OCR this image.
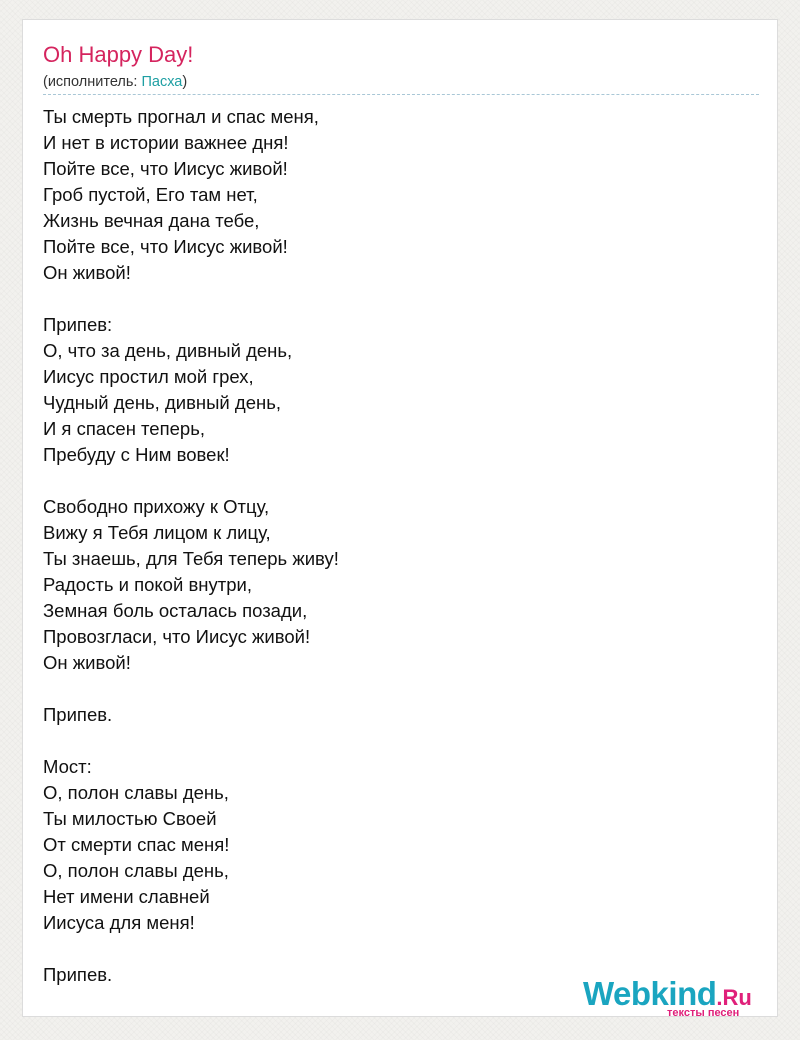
Oh Happy Day!
(исполнитель: Пасха)
Ты смерть прогнал и спас меня,
И нет в истории важнее дня!
Пойте все, что Иисус живой!
Гроб пустой, Его там нет,
Жизнь вечная дана тебе,
Пойте все, что Иисус живой!
Он живой!
Припев:
О, что за день, дивный день,
Иисус простил мой грех,
Чудный день, дивный день,
И я спасен теперь,
Пребуду с Ним вовек!
Свободно прихожу к Отцу,
Вижу я Тебя лицом к лицу,
Ты знаешь, для Тебя теперь живу!
Радость и покой внутри,
Земная боль осталась позади,
Провозгласи, что Иисус живой!
Он живой!
Припев.
Мост:
О, полон славы день,
Ты милостью Своей
От смерти спас меня!
О, полон славы день,
Нет имени славней
Иисуса для меня!
Припев.
Webkind.Ru
тексты песен
